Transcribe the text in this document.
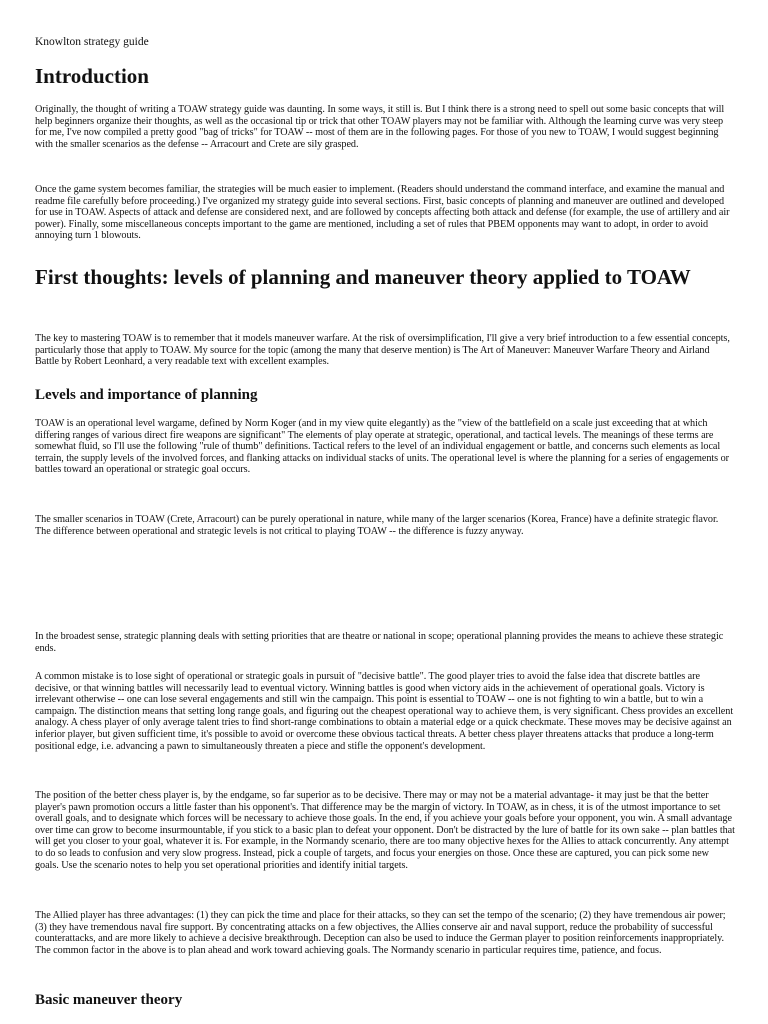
Knowlton strategy guide
Introduction

Originally, the thought of writing a TOAW strategy guide was daunting. In some ways, it still is. But I think there is a strong need to spell out some basic concepts that will help beginners organize their thoughts, as well as the occasional tip or trick that other TOAW players may not be familiar with. Although the learning curve was very steep for me, I've now compiled a pretty good "bag of tricks" for TOAW -- most of them are in the following pages. For those of you new to TOAW, I would suggest beginning with the smaller scenarios as the defense -- Arracourt and Crete are sily grasped.

Once the game system becomes familiar, the strategies will be much easier to implement. (Readers should understand the command interface, and examine the manual and readme file carefully before proceeding.) I've organized my strategy guide into several sections. First, basic concepts of planning and maneuver are outlined and developed for use in TOAW. Aspects of attack and defense are considered next, and are followed by concepts affecting both attack and defense (for example, the use of artillery and air power). Finally, some miscellaneous concepts important to the game are mentioned, including a set of rules that PBEM opponents may want to adopt, in order to avoid annoying turn 1 blowouts.

First thoughts: levels of planning and maneuver theory applied to TOAW

The key to mastering TOAW is to remember that it models maneuver warfare. At the risk of oversimplification, I'll give a very brief introduction to a few essential concepts, particularly those that apply to TOAW. My source for the topic (among the many that deserve mention) is The Art of Maneuver: Maneuver Warfare Theory and Airland Battle by Robert Leonhard, a very readable text with excellent examples.

Levels and importance of planning

TOAW is an operational level wargame, defined by Norm Koger (and in my view quite elegantly) as the "view of the battlefield on a scale just exceeding that at which differing ranges of various direct fire weapons are significant" The elements of play operate at strategic, operational, and tactical levels. The meanings of these terms are somewhat fluid, so I'll use the following "rule of thumb" definitions. Tactical refers to the level of an individual engagement or battle, and concerns such elements as local terrain, the supply levels of the involved forces, and flanking attacks on individual stacks of units. The operational level is where the planning for a series of engagements or battles toward an operational or strategic goal occurs.

The smaller scenarios in TOAW (Crete, Arracourt) can be purely operational in nature, while many of the larger scenarios (Korea, France) have a definite strategic flavor. The difference between operational and strategic levels is not critical to playing TOAW -- the difference is fuzzy anyway.

In the broadest sense, strategic planning deals with setting priorities that are theatre or national in scope; operational planning provides the means to achieve these strategic ends.

A common mistake is to lose sight of operational or strategic goals in pursuit of "decisive battle". The good player tries to avoid the false idea that discrete battles are decisive, or that winning battles will necessarily lead to eventual victory. Winning battles is good when victory aids in the achievement of operational goals. Victory is irrelevant otherwise -- one can lose several engagements and still win the campaign. This point is essential to TOAW -- one is not fighting to win a battle, but to win a campaign. The distinction means that setting long range goals, and figuring out the cheapest operational way to achieve them, is very significant. Chess provides an excellent analogy. A chess player of only average talent tries to find short-range combinations to obtain a material edge or a quick checkmate. These moves may be decisive against an inferior player, but given sufficient time, it's possible to avoid or overcome these obvious tactical threats. A better chess player threatens attacks that produce a long-term positional edge, i.e. advancing a pawn to simultaneously threaten a piece and stifle the opponent's development.

The position of the better chess player is, by the endgame, so far superior as to be decisive. There may or may not be a material advantage- it may just be that the better player's pawn promotion occurs a little faster than his opponent's. That difference may be the margin of victory. In TOAW, as in chess, it is of the utmost importance to set overall goals, and to designate which forces will be necessary to achieve those goals. In the end, if you achieve your goals before your opponent, you win. A small advantage over time can grow to become insurmountable, if you stick to a basic plan to defeat your opponent. Don't be distracted by the lure of battle for its own sake -- plan battles that will get you closer to your goal, whatever it is. For example, in the Normandy scenario, there are too many objective hexes for the Allies to attack concurrently. Any attempt to do so leads to confusion and very slow progress. Instead, pick a couple of targets, and focus your energies on those. Once these are captured, you can pick some new goals. Use the scenario notes to help you set operational priorities and identify initial targets.

The Allied player has three advantages: (1) they can pick the time and place for their attacks, so they can set the tempo of the scenario; (2) they have tremendous air power; (3) they have tremendous naval fire support. By concentrating attacks on a few objectives, the Allies conserve air and naval support, reduce the probability of successful counterattacks, and are more likely to achieve a decisive breakthrough. Deception can also be used to induce the German player to position reinforcements inappropriately. The common factor in the above is to plan ahead and work toward achieving goals. The Normandy scenario in particular requires time, patience, and focus.

Basic maneuver theory
